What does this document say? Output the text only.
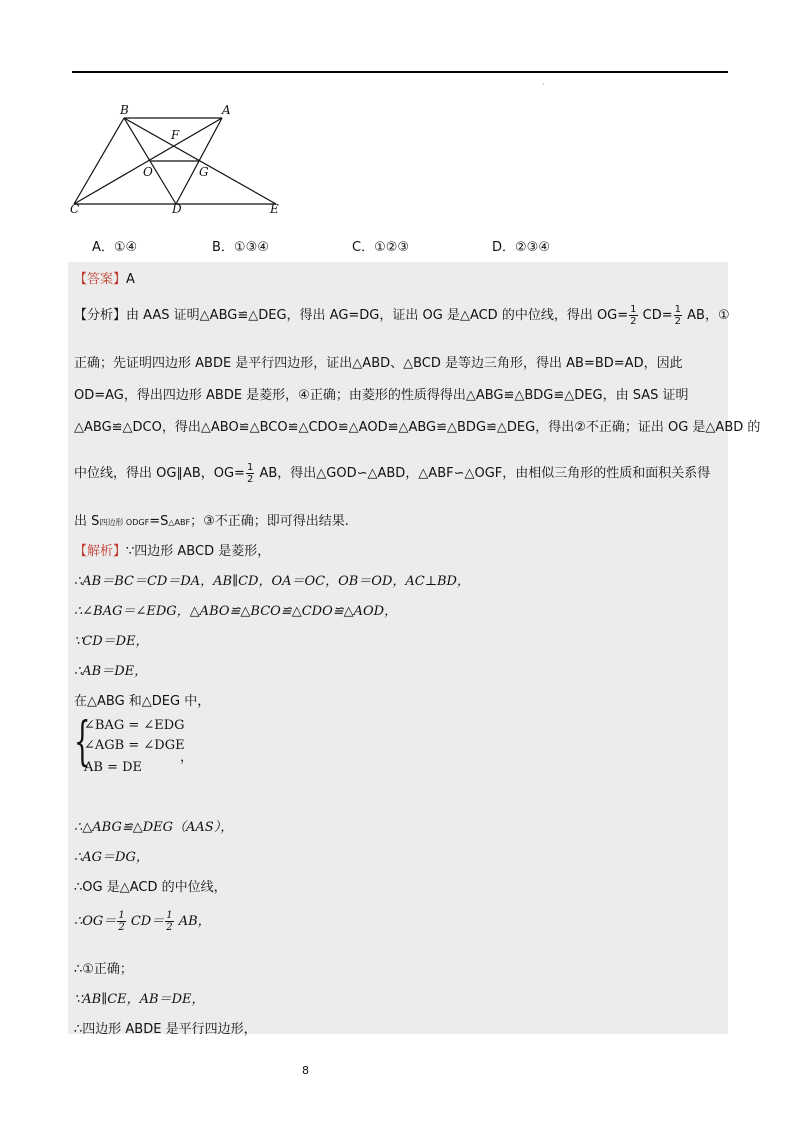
·
B	A
F
O	G
C	D	E
A．①④	B．①③④	C．①②③	D．②③④
【答案】A
【分析】由 AAS 证明△ABG≌△DEG，得出 AG=DG，证出 OG 是△ACD 的中位线，得出 $OG= \frac{1}{2} CD= \frac{1}{2}$ AB，①
正确；先证明四边形 ABDE 是平行四边形，证出△ABD、△BCD 是等边三角形，得出 AB=BD=AD，因此
OD=AG，得出四边形 ABDE 是菱形，④正确；由菱形的性质得得出△ABG≌△BDG≌△DEG，由 SAS 证明
△ABG≌△DCO，得出△ABO≌△BCO≌△CDO≌△AOD≌△ABG≌△BDG≌△DEG，得出②不正确；证出 OG 是△ABD 的
中位线，得出 OG∥AB，$OG= \frac{1}{2}$ AB，得出△GOD∽△ABD，△ABF∽△OGF，由相似三角形的性质和面积关系得
出 S四边形 ODGF=S△ABF；③不正确；即可得出结果.
【解析】∵四边形 ABCD 是菱形，
∴AB＝BC＝CD＝DA，AB∥CD，OA＝OC，OB＝OD，AC⊥BD，
∴∠BAG＝∠EDG，△ABO≌△BCO≌△CDO≌△AOD，
∵CD＝DE，
∴AB＝DE，
在△ABG 和△DEG 中，
{
∠BAG = ∠EDG
∠AGB = ∠DGE
AB = DE
，
∴△ABG≌△DEG（AAS），
∴AG＝DG，
∴OG 是△ACD 的中位线，
∴OG＝ $\frac{1}{2} CD= \frac{1}{2}$ AB，
∴①正确；
∵AB∥CE，AB＝DE，
∴四边形 ABDE 是平行四边形，
8
